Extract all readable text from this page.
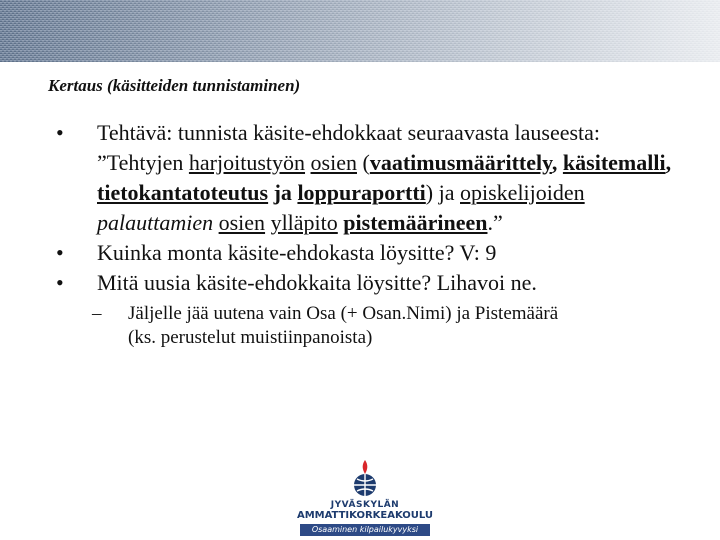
Kertaus (käsitteiden tunnistaminen)
• Tehtävä: tunnista käsite-ehdokkaat seuraavasta lauseesta: ”Tehtyjen harjoitustyön osien (vaatimusmäärittely, käsitemalli, tietokantatoteutus ja loppuraportti) ja opiskelijoiden palauttamien osien ylläpito pistemäärineen.”
• Kuinka monta käsite-ehdokasta löysitte? V: 9
• Mitä uusia käsite-ehdokkaita löysitte? Lihavoi ne.
– Jäljelle jää uutena vain Osa (+ Osan.Nimi) ja Pistemäärä (ks. perustelut muistiinpanoista)
JYVÄSKYLÄN
AMMATTIKORKEAKOULU
Osaaminen kilpailukyvyksi
